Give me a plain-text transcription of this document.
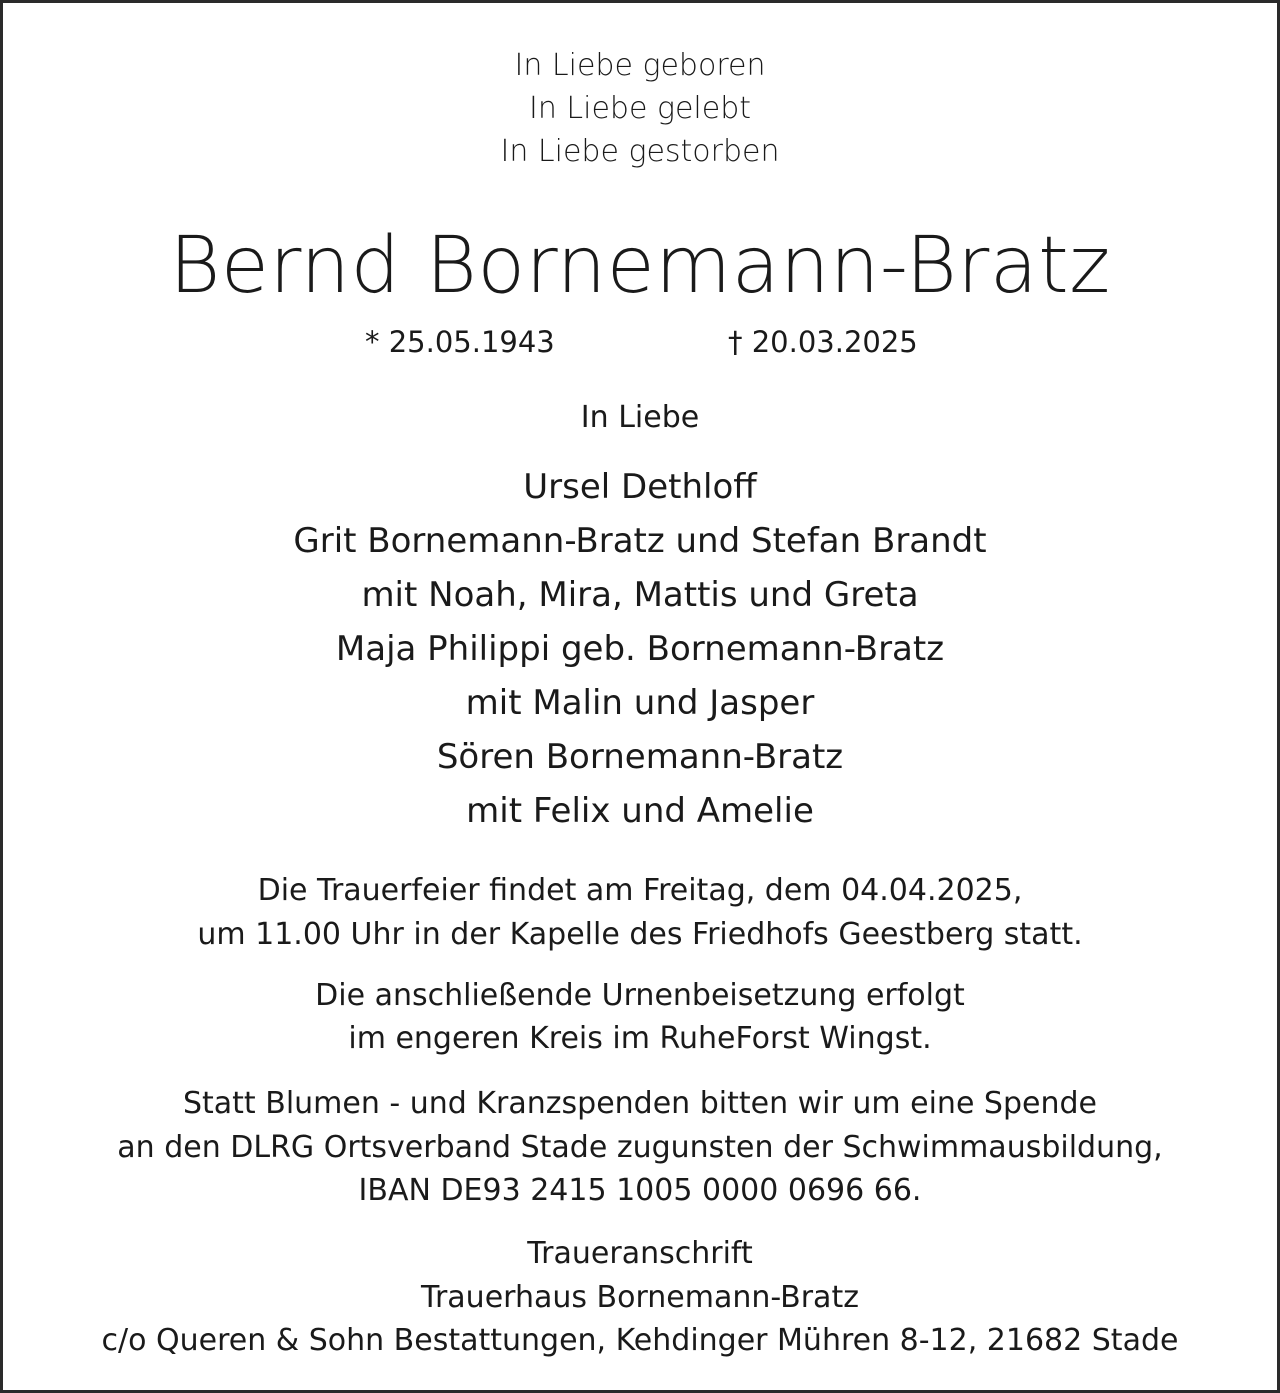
In Liebe geboren
In Liebe gelebt
In Liebe gestorben
Bernd Bornemann-Bratz
* 25.05.1943	† 20.03.2025
In Liebe
Ursel Dethloff
Grit Bornemann-Bratz und Stefan Brandt
mit Noah, Mira, Mattis und Greta
Maja Philippi geb. Bornemann-Bratz
mit Malin und Jasper
Sören Bornemann-Bratz
mit Felix und Amelie
Die Trauerfeier findet am Freitag, dem 04.04.2025,
um 11.00 Uhr in der Kapelle des Friedhofs Geestberg statt.
Die anschließende Urnenbeisetzung erfolgt
im engeren Kreis im RuheForst Wingst.
Statt Blumen - und Kranzspenden bitten wir um eine Spende
an den DLRG Ortsverband Stade zugunsten der Schwimmausbildung,
IBAN DE93 2415 1005 0000 0696 66.
Traueranschrift
Trauerhaus Bornemann-Bratz
c/o Queren & Sohn Bestattungen, Kehdinger Mühren 8-12, 21682 Stade
